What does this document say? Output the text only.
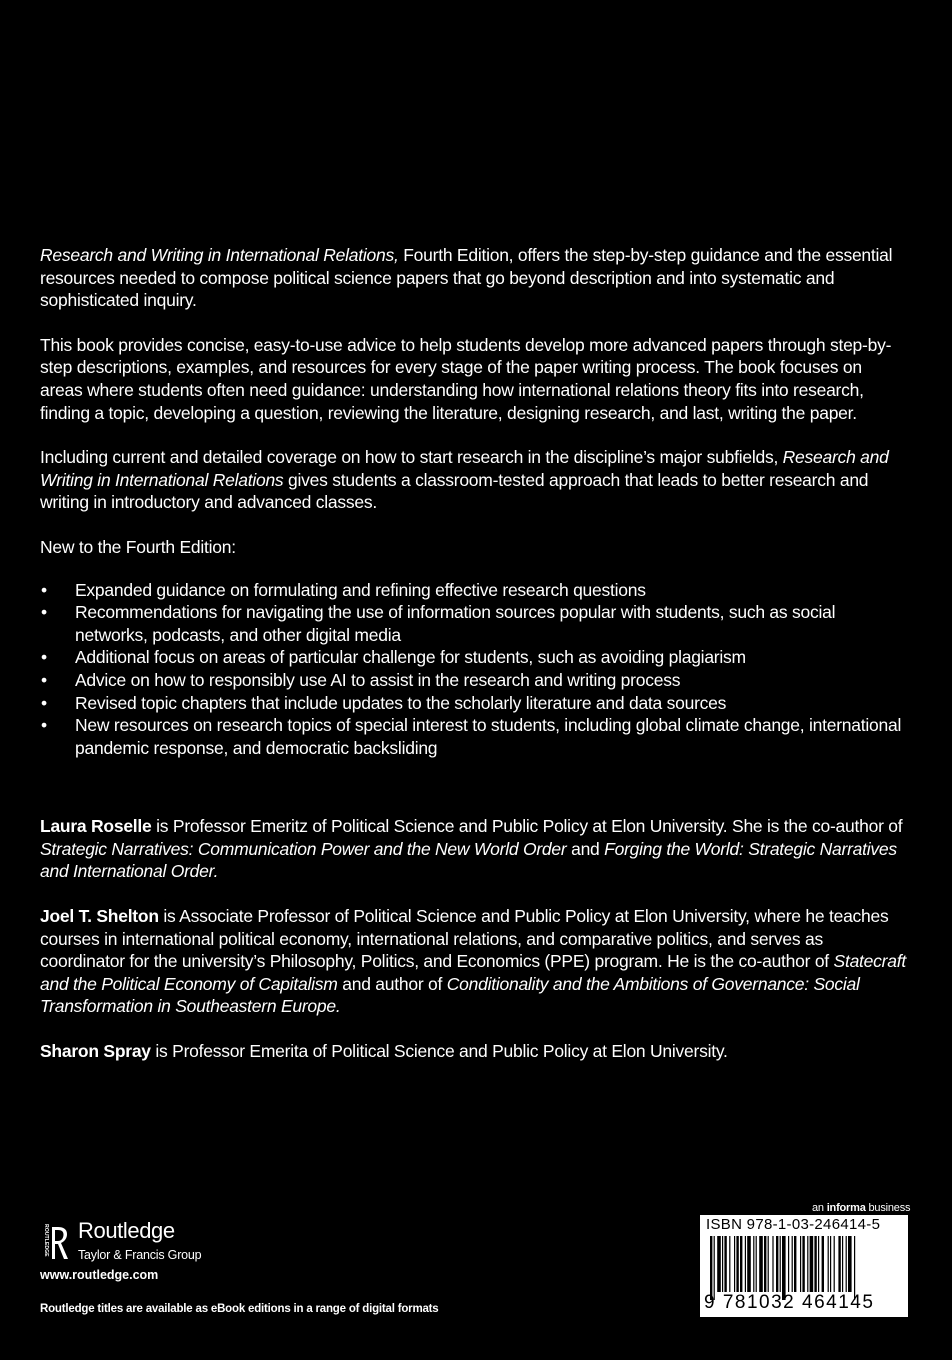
Research and Writing in International Relations, Fourth Edition, offers the step-by-step guidance and the essential resources needed to compose political science papers that go beyond description and into systematic and sophisticated inquiry.

This book provides concise, easy-to-use advice to help students develop more advanced papers through step-by-step descriptions, examples, and resources for every stage of the paper writing process. The book focuses on areas where students often need guidance: understanding how international relations theory fits into research, finding a topic, developing a question, reviewing the literature, designing research, and last, writing the paper.

Including current and detailed coverage on how to start research in the discipline’s major subfields, Research and Writing in International Relations gives students a classroom-tested approach that leads to better research and writing in introductory and advanced classes.

New to the Fourth Edition:

• Expanded guidance on formulating and refining effective research questions
• Recommendations for navigating the use of information sources popular with students, such as social networks, podcasts, and other digital media
• Additional focus on areas of particular challenge for students, such as avoiding plagiarism
• Advice on how to responsibly use AI to assist in the research and writing process
• Revised topic chapters that include updates to the scholarly literature and data sources
• New resources on research topics of special interest to students, including global climate change, international pandemic response, and democratic backsliding

Laura Roselle is Professor Emeritz of Political Science and Public Policy at Elon University. She is the co-author of Strategic Narratives: Communication Power and the New World Order and Forging the World: Strategic Narratives and International Order.

Joel T. Shelton is Associate Professor of Political Science and Public Policy at Elon University, where he teaches courses in international political economy, international relations, and comparative politics, and serves as coordinator for the university’s Philosophy, Politics, and Economics (PPE) program. He is the co-author of Statecraft and the Political Economy of Capitalism and author of Conditionality and the Ambitions of Governance: Social Transformation in Southeastern Europe.

Sharon Spray is Professor Emerita of Political Science and Public Policy at Elon University.

ROUTLEDGE Routledge
Taylor & Francis Group
www.routledge.com
Routledge titles are available as eBook editions in a range of digital formats
an informa business
ISBN 978-1-03-246414-5
9 781032 464145
